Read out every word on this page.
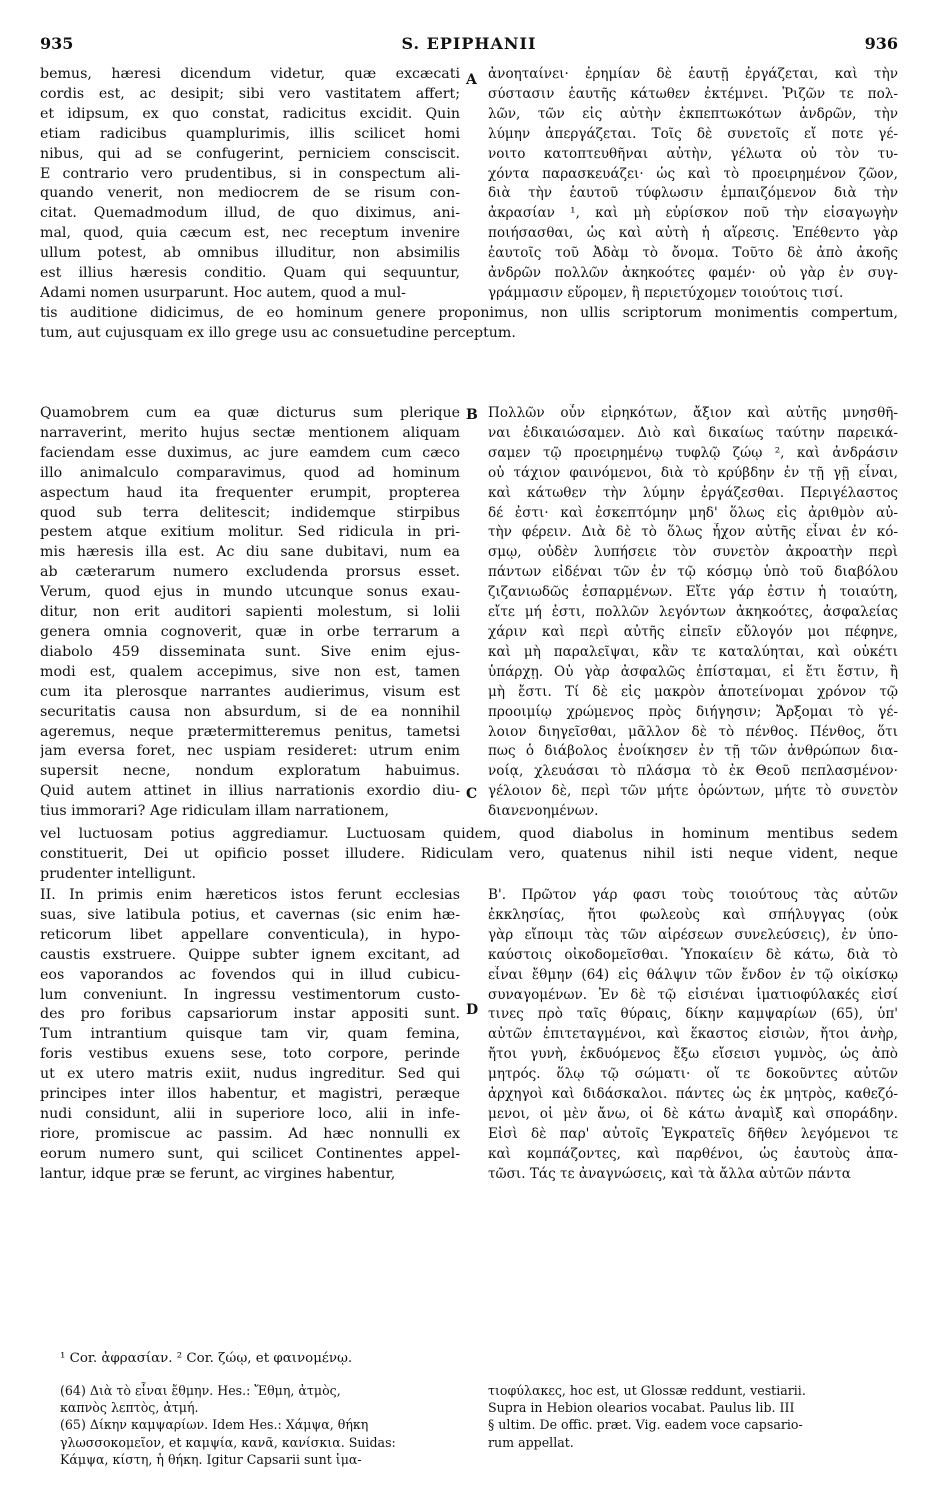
935	S. EPIPHANII	936
A
B
C
D
bemus, hæresi dicendum videtur, quæ excæcati
cordis est, ac desipit; sibi vero vastitatem affert;
et idipsum, ex quo constat, radicitus excidit. Quin
etiam radicibus quamplurimis, illis scilicet homi
nibus, qui ad se confugerint, perniciem consciscit.
E contrario vero prudentibus, si in conspectum ali-
quando venerit, non mediocrem de se risum con-
citat. Quemadmodum illud, de quo diximus, ani-
mal, quod, quia cæcum est, nec receptum invenire
ullum potest, ab omnibus illuditur, non absimilis
est illius hæresis conditio. Quam qui sequuntur,
Adami nomen usurparunt. Hoc autem, quod a mul-
ἀνοηταίνει· ἐρημίαν δὲ ἑαυτῇ ἐργάζεται, καὶ τὴν
σύστασιν ἑαυτῆς κάτωθεν ἐκτέμνει. Ῥιζῶν τε πολ-
λῶν, τῶν εἰς αὐτὴν ἐκπεπτωκότων ἀνδρῶν, τὴν
λύμην ἀπεργάζεται. Τοῖς δὲ συνετοῖς εἴ ποτε γέ-
νοιτο κατοπτευθῆναι αὐτὴν, γέλωτα οὐ τὸν τυ-
χόντα παρασκευάζει· ὡς καὶ τὸ προειρημένον ζῶον,
διὰ τὴν ἑαυτοῦ τύφλωσιν ἐμπαιζόμενον διὰ τὴν
ἀκρασίαν ¹, καὶ μὴ εὑρίσκον ποῦ τὴν εἰσαγωγὴν
ποιήσασθαι, ὡς καὶ αὐτὴ ἡ αἵρεσις. Ἐπέθεντο γὰρ
ἑαυτοῖς τοῦ Ἀδὰμ τὸ ὄνομα. Τοῦτο δὲ ἀπὸ ἀκοῆς
ἀνδρῶν πολλῶν ἀκηκοότες φαμέν· οὐ γὰρ ἐν συγ-
γράμμασιν εὕρομεν, ἢ περιετύχομεν τοιούτοις τισί.
tis auditione didicimus, de eo hominum genere proponimus, non ullis scriptorum monimentis compertum,
tum, aut cujusquam ex illo grege usu ac consuetudine perceptum.
Quamobrem cum ea quæ dicturus sum plerique
narraverint, merito hujus sectæ mentionem aliquam
faciendam esse duximus, ac jure eamdem cum cæco
illo animalculo comparavimus, quod ad hominum
aspectum haud ita frequenter erumpit, propterea
quod sub terra delitescit; indidemque stirpibus
pestem atque exitium molitur. Sed ridicula in pri-
mis hæresis illa est. Ac diu sane dubitavi, num ea
ab cæterarum numero excludenda prorsus esset.
Verum, quod ejus in mundo utcunque sonus exau-
ditur, non erit auditori sapienti molestum, si lolii
genera omnia cognoverit, quæ in orbe terrarum a
diabolo 459 disseminata sunt. Sive enim ejus-
modi est, qualem accepimus, sive non est, tamen
cum ita plerosque narrantes audierimus, visum est
securitatis causa non absurdum, si de ea nonnihil
ageremus, neque prætermitteremus penitus, tametsi
jam eversa foret, nec uspiam resideret: utrum enim
supersit necne, nondum exploratum habuimus.
Quid autem attinet in illius narrationis exordio diu-
tius immorari? Age ridiculam illam narrationem,
Πολλῶν οὖν εἰρηκότων, ἄξιον καὶ αὐτῆς μνησθῆ-
ναι ἐδικαιώσαμεν. Διὸ καὶ δικαίως ταύτην παρεικά-
σαμεν τῷ προειρημένῳ τυφλῷ ζώῳ ², καὶ ἀνδράσιν
οὐ τάχιον φαινόμενοι, διὰ τὸ κρύβδην ἐν τῇ γῇ εἶναι,
καὶ κάτωθεν τὴν λύμην ἐργάζεσθαι. Περιγέλαστος
δέ ἐστι· καὶ ἐσκεπτόμην μηδ' ὅλως εἰς ἀριθμὸν αὐ-
τὴν φέρειν. Διὰ δὲ τὸ ὅλως ἦχον αὐτῆς εἶναι ἐν κό-
σμῳ, οὐδὲν λυπήσειε τὸν συνετὸν ἀκροατὴν περὶ
πάντων εἰδέναι τῶν ἐν τῷ κόσμῳ ὑπὸ τοῦ διαβόλου
ζιζανιωδῶς ἐσπαρμένων. Εἴτε γάρ ἐστιν ἡ τοιαύτη,
εἴτε μή ἐστι, πολλῶν λεγόντων ἀκηκοότες, ἀσφαλείας
χάριν καὶ περὶ αὐτῆς εἰπεῖν εὔλογόν μοι πέφηνε,
καὶ μὴ παραλεῖψαι, κἂν τε καταλύηται, καὶ οὐκέτι
ὑπάρχῃ. Οὐ γὰρ ἀσφαλῶς ἐπίσταμαι, εἰ ἔτι ἔστιν, ἢ
μὴ ἔστι. Τί δὲ εἰς μακρὸν ἀποτείνομαι χρόνον τῷ
προοιμίῳ χρώμενος πρὸς διήγησιν; Ἄρξομαι τὸ γέ-
λοιον διηγεῖσθαι, μᾶλλον δὲ τὸ πένθος. Πένθος, ὅτι
πως ὁ διάβολος ἐνοίκησεν ἐν τῇ τῶν ἀνθρώπων δια-
νοίᾳ, χλευάσαι τὸ πλάσμα τὸ ἐκ Θεοῦ πεπλασμένον·
γέλοιον δὲ, περὶ τῶν μήτε ὁρώντων, μήτε τὸ συνετὸν
διανενοημένων.
vel luctuosam potius aggrediamur. Luctuosam quidem, quod diabolus in hominum mentibus sedem
constituerit, Dei ut opificio posset illudere. Ridiculam vero, quatenus nihil isti neque vident, neque
prudenter intelligunt.
II. In primis enim hæreticos istos ferunt ecclesias
suas, sive latibula potius, et cavernas (sic enim hæ-
reticorum libet appellare conventicula), in hypo-
caustis exstruere. Quippe subter ignem excitant, ad
eos vaporandos ac fovendos qui in illud cubicu-
lum conveniunt. In ingressu vestimentorum custo-
des pro foribus capsariorum instar appositi sunt.
Tum intrantium quisque tam vir, quam femina,
foris vestibus exuens sese, toto corpore, perinde
ut ex utero matris exiit, nudus ingreditur. Sed qui
principes inter illos habentur, et magistri, peræque
nudi considunt, alii in superiore loco, alii in infe-
riore, promiscue ac passim. Ad hæc nonnulli ex
eorum numero sunt, qui scilicet Continentes appel-
lantur, idque præ se ferunt, ac virgines habentur,
Β'. Πρῶτον γάρ φασι τοὺς τοιούτους τὰς αὐτῶν
ἐκκλησίας, ἤτοι φωλεοὺς καὶ σπήλυγγας (οὐκ
γὰρ εἴποιμι τὰς τῶν αἱρέσεων συνελεύσεις), ἐν ὑπο-
καύστοις οἰκοδομεῖσθαι. Ὑποκαίειν δὲ κάτω, διὰ τὸ
εἶναι ἔθμην (64) εἰς θάλψιν τῶν ἔνδον ἐν τῷ οἰκίσκῳ
συναγομένων. Ἐν δὲ τῷ εἰσιέναι ἱματιοφύλακές εἰσί
τινες πρὸ ταῖς θύραις, δίκην καμψαρίων (65), ὑπ'
αὐτῶν ἐπιτεταγμένοι, καὶ ἕκαστος εἰσιὼν, ἤτοι ἀνὴρ,
ἤτοι γυνὴ, ἐκδυόμενος ἔξω εἴσεισι γυμνὸς, ὡς ἀπὸ
μητρός. ὅλῳ τῷ σώματι· οἵ τε δοκοῦντες αὐτῶν
ἀρχηγοὶ καὶ διδάσκαλοι. πάντες ὡς ἐκ μητρὸς, καθεζό-
μενοι, οἱ μὲν ἄνω, οἱ δὲ κάτω ἀναμὶξ καὶ σποράδην.
Εἰσὶ δὲ παρ' αὐτοῖς Ἐγκρατεῖς δῆθεν λεγόμενοι τε
καὶ κομπάζοντες, καὶ παρθένοι, ὡς ἑαυτοὺς ἀπα-
τῶσι. Τάς τε ἀναγνώσεις, καὶ τὰ ἄλλα αὐτῶν πάντα
¹ Cor. ἀφρασίαν. ² Cor. ζώῳ, et φαινομένῳ.
(64) Διὰ τὸ εἶναι ἔθμην. Hes.: Ἔθμη, ἀτμὸς,
καπνὸς λεπτὸς, ἀτμή.
(65) Δίκην καμψαρίων. Idem Hes.: Χάμψα, θήκη
γλωσσοκομεῖον, et καμψία, κανᾶ, κανίσκια. Suidas:
Κάμψα, κίστη, ἡ θήκη. Igitur Capsarii sunt ἱμα-
τιοφύλακες, hoc est, ut Glossæ reddunt, vestiarii.
Supra in Hebion olearios vocabat. Paulus lib. III
§ ultim. De offic. præt. Vig. eadem voce capsario-
rum appellat.
